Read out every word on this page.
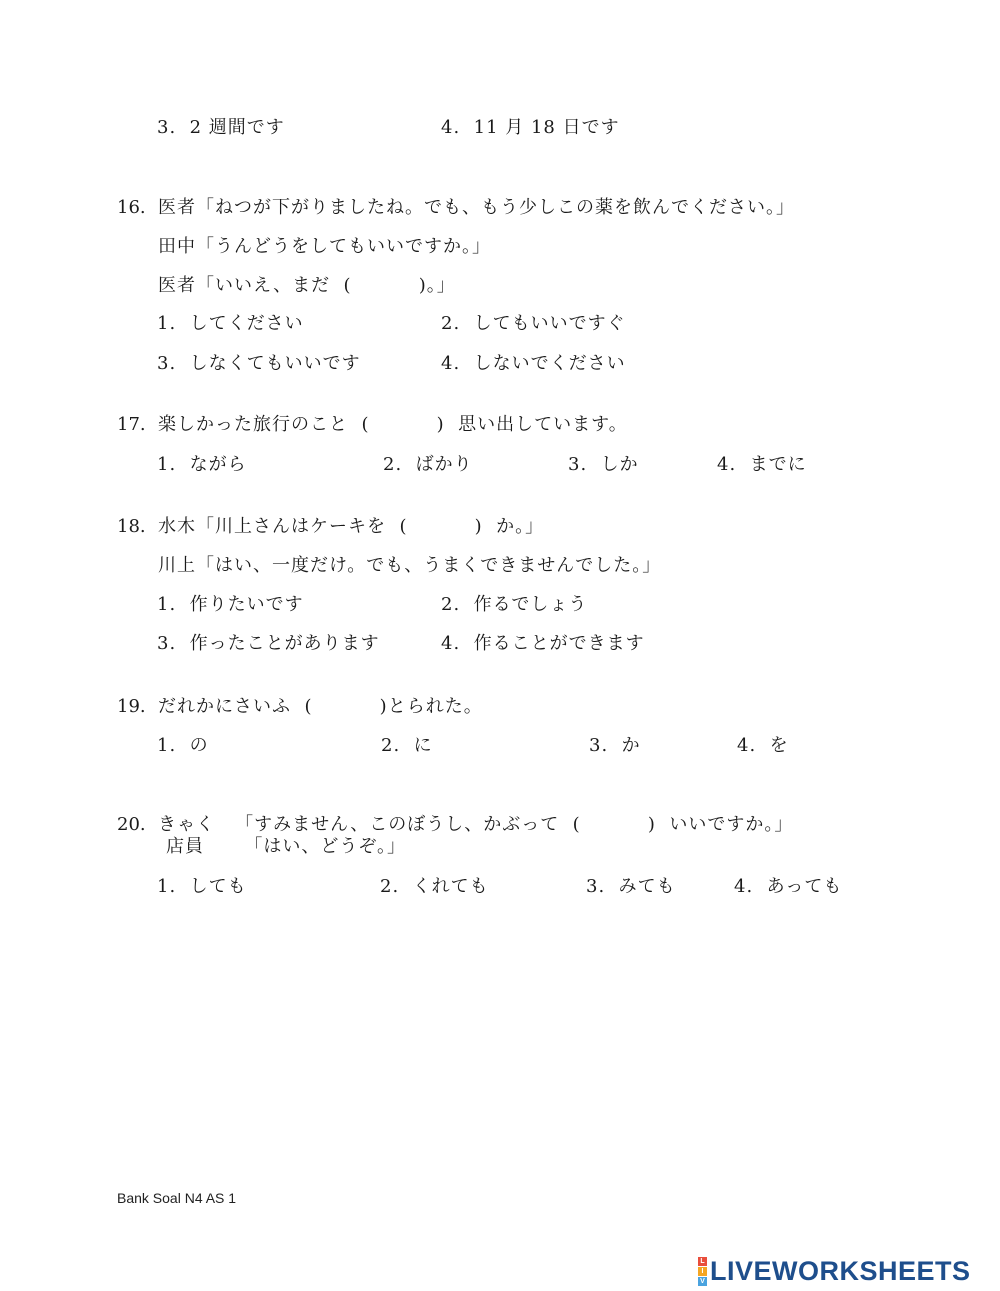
3.  2 週間です	4.  11 月 18 日です
16. 医者「ねつが下がりましたね。でも、もう少しこの薬を飲んでください。」
田中「うんどうをしてもいいですか。」
医者「いいえ、まだ  (          )。」
1.  してください	2.  してもいいですぐ
3.  しなくてもいいです	4.  しないでください
17. 楽しかった旅行のこと  (          )  思い出しています。
1.  ながら	2.  ばかり	3.  しか	4.  までに
18. 水木「川上さんはケーキを  (          )  か。」
川上「はい、一度だけ。でも、うまくできませんでした。」
1.  作りたいです	2.  作るでしょう
3.  作ったことがあります	4.  作ることができます
19. だれかにさいふ  (          )とられた。
1.  の	2.  に	3.  か	4.  を
20. きゃく   「すみません、このぼうし、かぶって  (          )  いいですか。」
店員      「はい、どうぞ。」
1.  しても	2.  くれても	3.  みても	4.  あっても
Bank Soal N4 AS 1
L
I
V LIVEWORKSHEETS
